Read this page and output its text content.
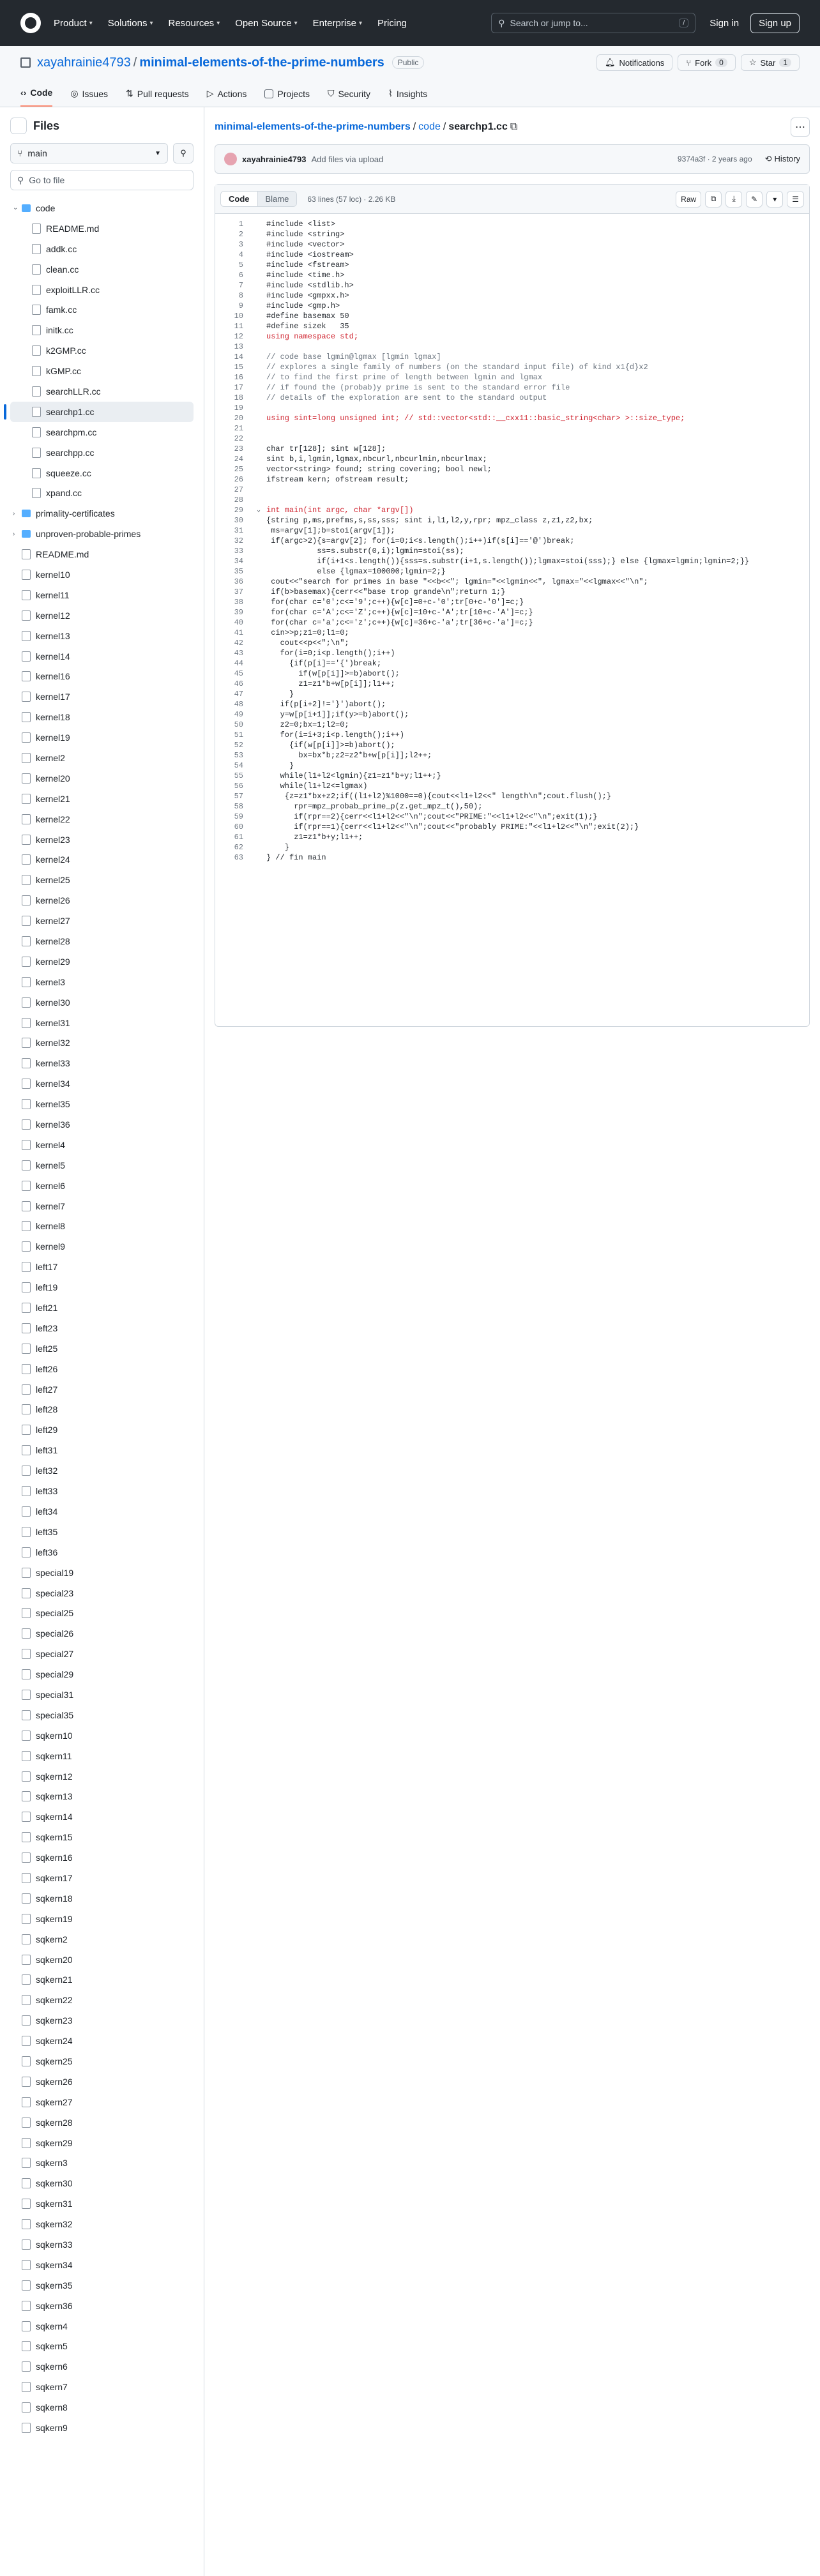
Product ▾ Solutions ▾ Resources ▾ Open Source ▾ Enterprise ▾ Pricing	⚲ Search or jump to...	/	Sign in	Sign up
xayahrainie4793 / minimal-elements-of-the-prime-numbers	Public	🔔︎ Notifications	⑂ Fork	0	☆ Star	1
‹› Code ◎ Issues ⇅ Pull requests ▷ Actions	Projects ⛉ Security ⌇ Insights
Files
⑂ main	▼ ⚲
⚲ Go to file
⌄	code
README.md
addk.cc
clean.cc
exploitLLR.cc
famk.cc
initk.cc
k2GMP.cc
kGMP.cc
searchLLR.cc
searchp1.cc
searchpm.cc
searchpp.cc
squeeze.cc
xpand.cc
›	primality-certificates
›	unproven-probable-primes
README.md
kernel10
kernel11
kernel12
kernel13
kernel14
kernel16
kernel17
kernel18
kernel19
kernel2
kernel20
kernel21
kernel22
kernel23
kernel24
kernel25
kernel26
kernel27
kernel28
kernel29
kernel3
kernel30
kernel31
kernel32
kernel33
kernel34
kernel35
kernel36
kernel4
kernel5
kernel6
kernel7
kernel8
kernel9
left17
left19
left21
left23
left25
left26
left27
left28
left29
left31
left32
left33
left34
left35
left36
special19
special23
special25
special26
special27
special29
special31
special35
sqkern10
sqkern11
sqkern12
sqkern13
sqkern14
sqkern15
sqkern16
sqkern17
sqkern18
sqkern19
sqkern2
sqkern20
sqkern21
sqkern22
sqkern23
sqkern24
sqkern25
sqkern26
sqkern27
sqkern28
sqkern29
sqkern3
sqkern30
sqkern31
sqkern32
sqkern33
sqkern34
sqkern35
sqkern36
sqkern4
sqkern5
sqkern6
sqkern7
sqkern8
sqkern9
minimal-elements-of-the-prime-numbers / code / searchp1.cc ⧉	⋯
xayahrainie4793 Add files via upload	9374a3f · 2 years ago ⟲ History
Code	Blame	63 lines (57 loc) · 2.26 KB	Raw	⧉	⤓	✎	▾	☰
1	#include <list>
2	#include <string>
3	#include <vector>
4	#include <iostream>
5	#include <fstream>
6	#include <time.h>
7	#include <stdlib.h>
8	#include <gmpxx.h>
9	#include <gmp.h>
10	#define basemax 50
11	#define sizek   35
12	using namespace std;
13
14	// code base lgmin@lgmax [lgmin lgmax]
15	// explores a single family of numbers (on the standard input file) of kind x1{d}x2
16	// to find the first prime of length between lgmin and lgmax
17	// if found the (probab)y prime is sent to the standard error file
18	// details of the exploration are sent to the standard output
19
20	using sint=long unsigned int; // std::vector<std::__cxx11::basic_string<char> >::size_type;
21
22
23	char tr[128]; sint w[128];
24	sint b,i,lgmin,lgmax,nbcurl,nbcurlmin,nbcurlmax;
25	vector<string> found; string covering; bool newl;
26	ifstream kern; ofstream result;
27
28
29	⌄ int main(int argc, char *argv[])
30	{string p,ms,prefms,s,ss,sss; sint i,l1,l2,y,rpr; mpz_class z,z1,z2,bx;
31	ms=argv[1];b=stoi(argv[1]);
32	if(argc>2){s=argv[2]; for(i=0;i<s.length();i++)if(s[i]=='@')break;
33	ss=s.substr(0,i);lgmin=stoi(ss);
34	if(i+1<s.length()){sss=s.substr(i+1,s.length());lgmax=stoi(sss);} else {lgmax=lgmin;lgmin=2;}}
35	else {lgmax=100000;lgmin=2;}
36	cout<<"search for primes in base "<<b<<"; lgmin="<<lgmin<<", lgmax="<<lgmax<<"\n";
37	if(b>basemax){cerr<<"base trop grande\n";return 1;}
38	for(char c='0';c<='9';c++){w[c]=0+c-'0';tr[0+c-'0']=c;}
39	for(char c='A';c<='Z';c++){w[c]=10+c-'A';tr[10+c-'A']=c;}
40	for(char c='a';c<='z';c++){w[c]=36+c-'a';tr[36+c-'a']=c;}
41	cin>>p;z1=0;l1=0;
42	cout<<p<<";\n";
43	for(i=0;i<p.length();i++)
44	{if(p[i]=='{')break;
45	if(w[p[i]]>=b)abort();
46	z1=z1*b+w[p[i]];l1++;
47	}
48	if(p[i+2]!='}')abort();
49	y=w[p[i+1]];if(y>=b)abort();
50	z2=0;bx=1;l2=0;
51	for(i=i+3;i<p.length();i++)
52	{if(w[p[i]]>=b)abort();
53	bx=bx*b;z2=z2*b+w[p[i]];l2++;
54	}
55	while(l1+l2<lgmin){z1=z1*b+y;l1++;}
56	while(l1+l2<=lgmax)
57	{z=z1*bx+z2;if((l1+l2)%1000==0){cout<<l1+l2<<" length\n";cout.flush();}
58	rpr=mpz_probab_prime_p(z.get_mpz_t(),50);
59	if(rpr==2){cerr<<l1+l2<<"\n";cout<<"PRIME:"<<l1+l2<<"\n";exit(1);}
60	if(rpr==1){cerr<<l1+l2<<"\n";cout<<"probably PRIME:"<<l1+l2<<"\n";exit(2);}
61	z1=z1*b+y;l1++;
62	}
63	} // fin main
